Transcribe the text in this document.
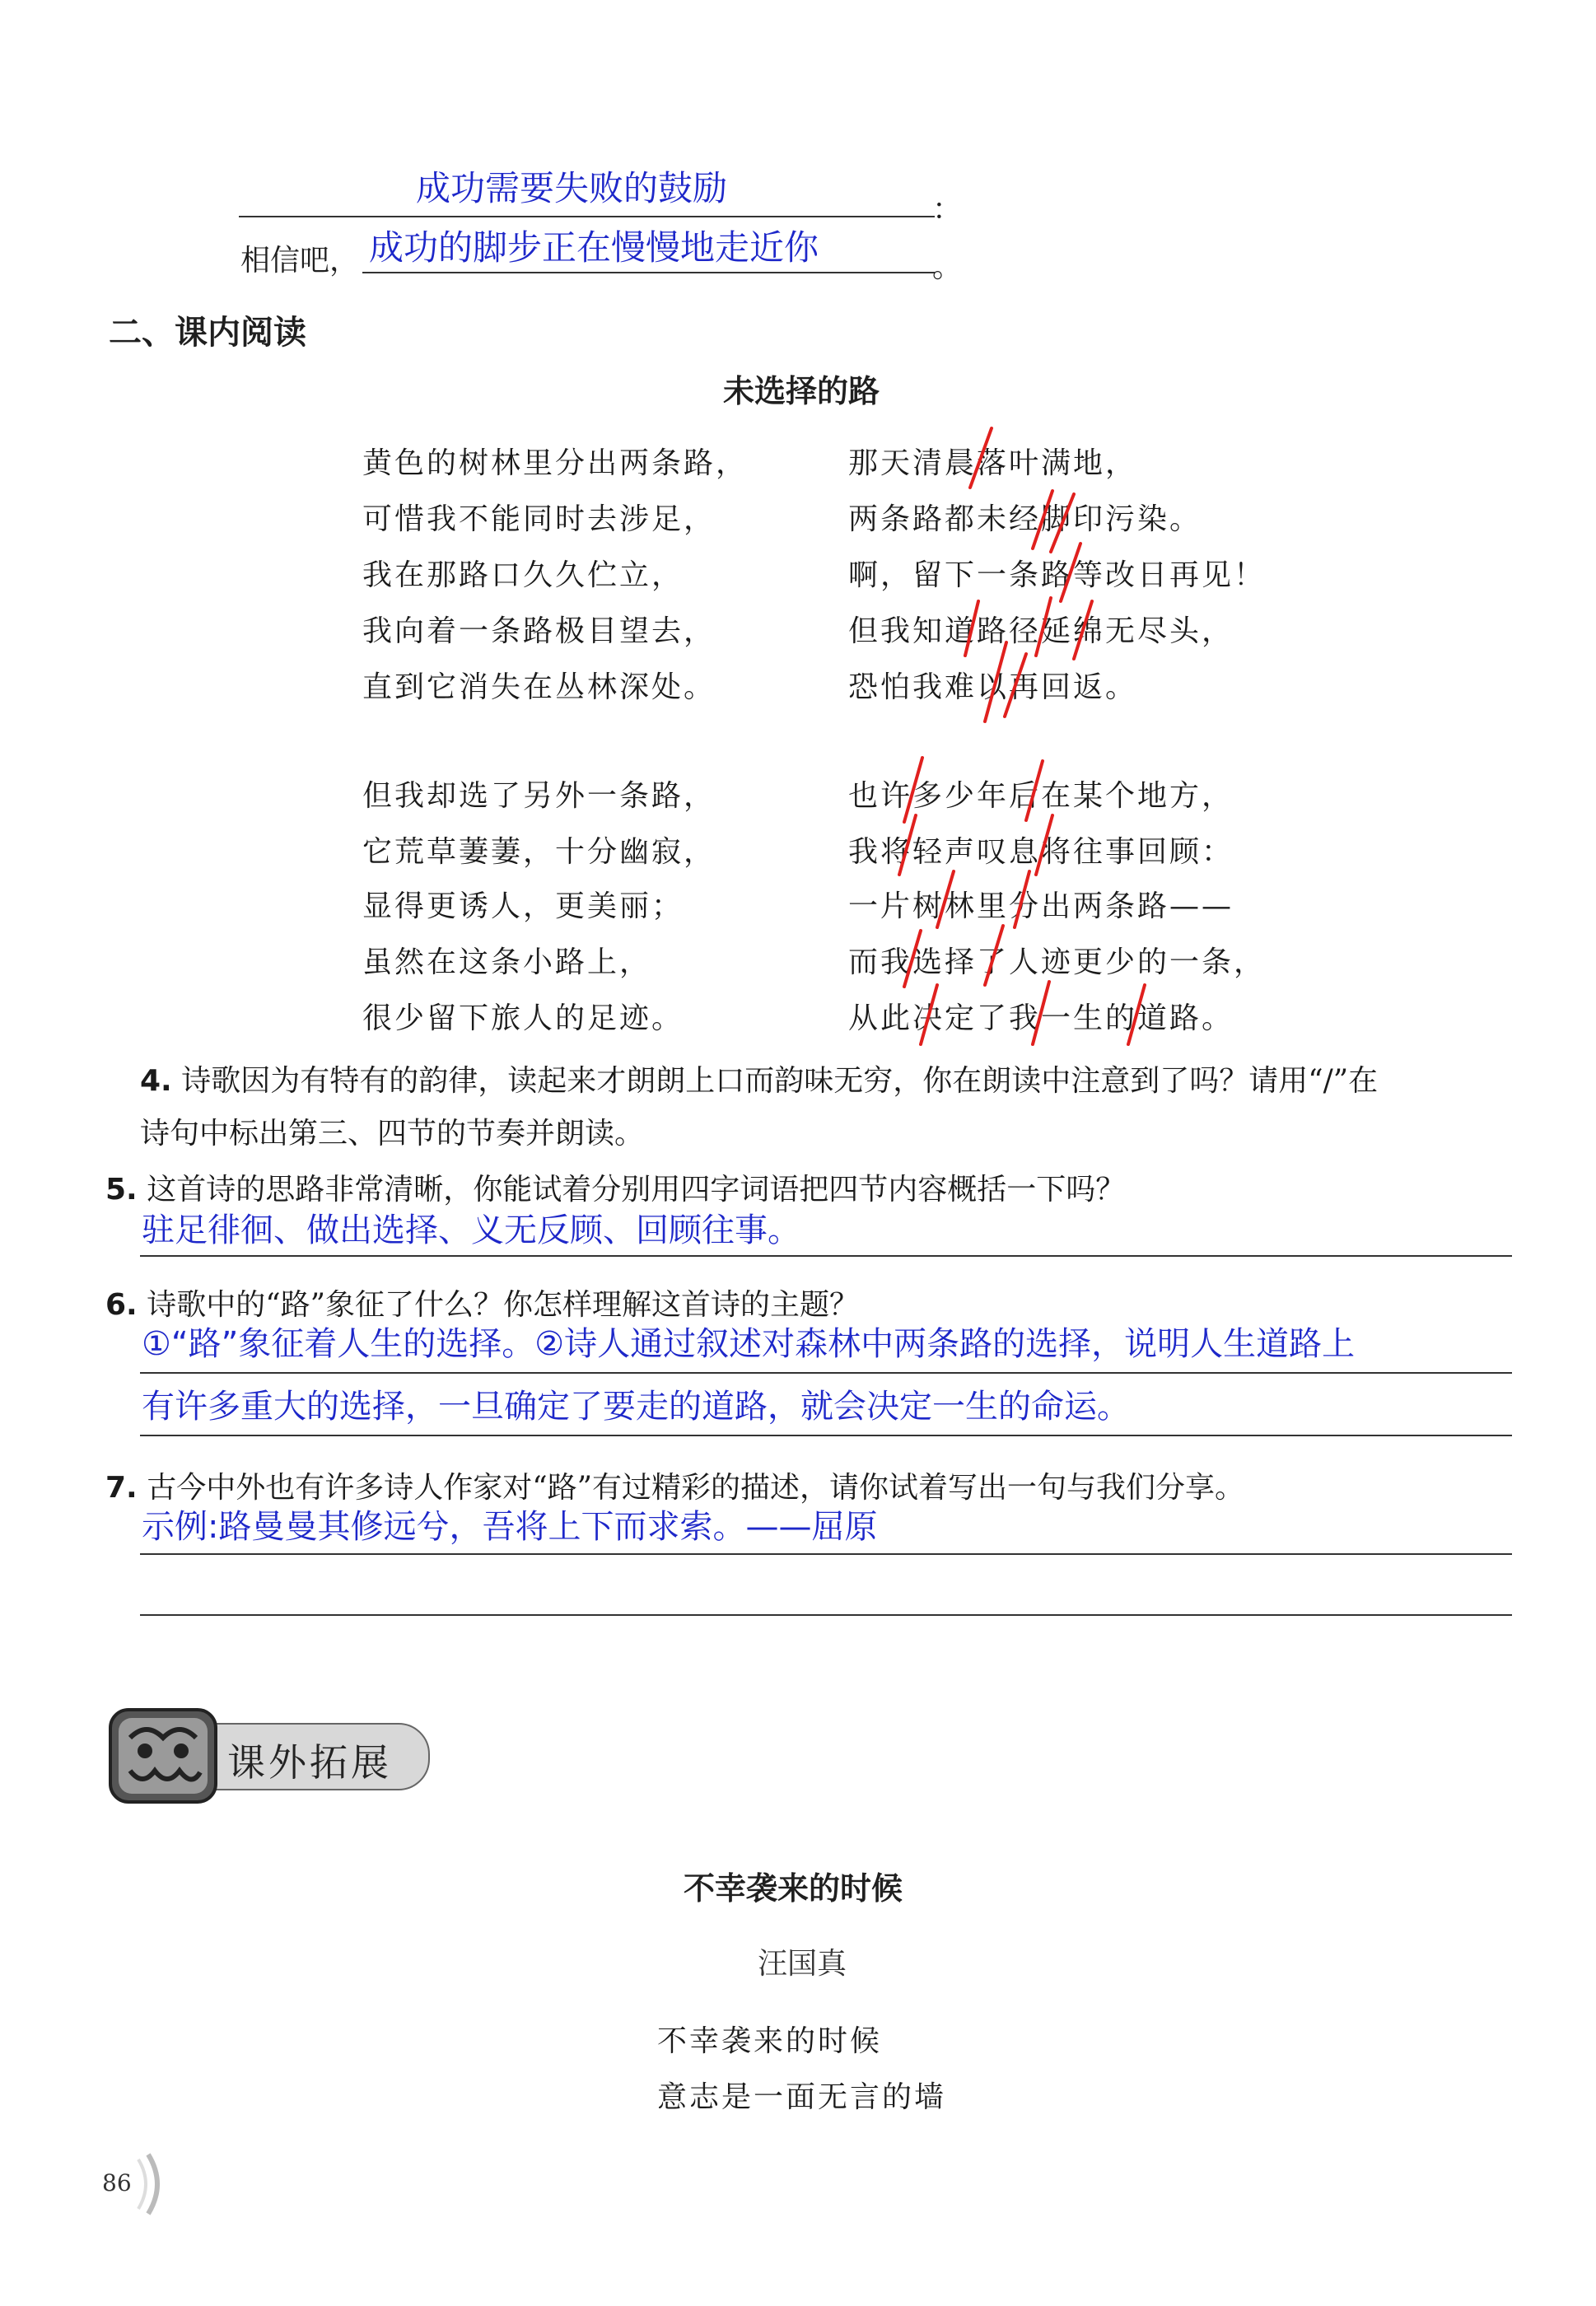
成功需要失败的鼓励
：
相信吧， 成功的脚步正在慢慢地走近你	。
二、课内阅读
未选择的路
黄色的树林里分出两条路，
可惜我不能同时去涉足，
我在那路口久久伫立，
我向着一条路极目望去，
直到它消失在丛林深处。
那天清晨落叶满地，
两条路都未经脚印污染。
啊，留下一条路等改日再见！
但我知道路径延绵无尽头，
恐怕我难以再回返。
但我却选了另外一条路，
它荒草萋萋，十分幽寂，
显得更诱人，更美丽；
虽然在这条小路上，
很少留下旅人的足迹。
也许多少年后在某个地方，
我将轻声叹息将往事回顾：
一片树林里分出两条路——
而我选择了人迹更少的一条，
从此决定了我一生的道路。
4. 诗歌因为有特有的韵律，读起来才朗朗上口而韵味无穷，你在朗读中注意到了吗？请用“/”在
诗句中标出第三、四节的节奏并朗读。
5. 这首诗的思路非常清晰，你能试着分别用四字词语把四节内容概括一下吗？
驻足徘徊、做出选择、义无反顾、回顾往事。
6. 诗歌中的“路”象征了什么？你怎样理解这首诗的主题？
①“路”象征着人生的选择。②诗人通过叙述对森林中两条路的选择，说明人生道路上
有许多重大的选择，一旦确定了要走的道路，就会决定一生的命运。
7. 古今中外也有许多诗人作家对“路”有过精彩的描述，请你试着写出一句与我们分享。
示例:路曼曼其修远兮，吾将上下而求索。——屈原
课外拓展
不幸袭来的时候
汪国真
不幸袭来的时候
意志是一面无言的墙
86
